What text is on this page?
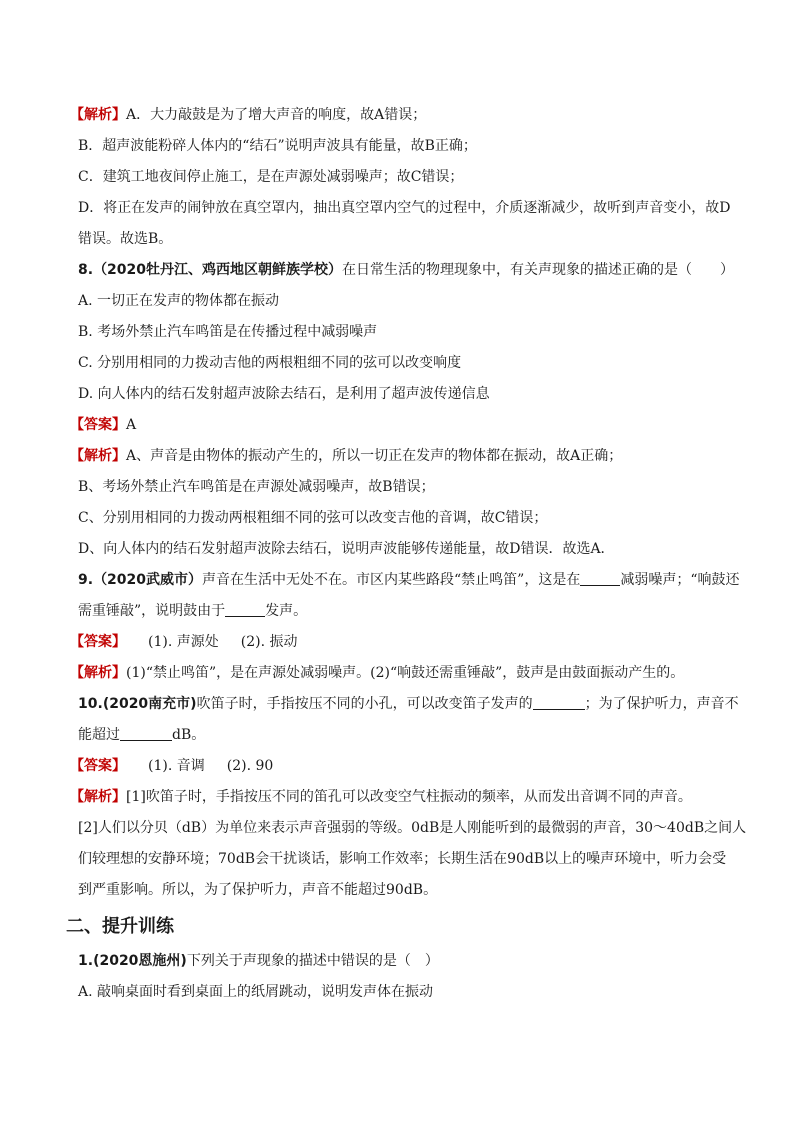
【解析】A．大力敲鼓是为了增大声音的响度，故A错误；
B．超声波能粉碎人体内的“结石”说明声波具有能量，故B正确；
C．建筑工地夜间停止施工，是在声源处减弱噪声；故C错误；
D．将正在发声的闹钟放在真空罩内，抽出真空罩内空气的过程中，介质逐渐减少，故听到声音变小，故D
错误。故选B。
8.（2020牡丹江、鸡西地区朝鲜族学校）在日常生活的物理现象中，有关声现象的描述正确的是（　　）
A. 一切正在发声的物体都在振动
B. 考场外禁止汽车鸣笛是在传播过程中减弱噪声
C. 分别用相同的力拨动吉他的两根粗细不同的弦可以改变响度
D. 向人体内的结石发射超声波除去结石，是利用了超声波传递信息
【答案】A
【解析】A、声音是由物体的振动产生的，所以一切正在发声的物体都在振动，故A正确；
B、考场外禁止汽车鸣笛是在声源处减弱噪声，故B错误；
C、分别用相同的力拨动两根粗细不同的弦可以改变吉他的音调，故C错误；
D、向人体内的结石发射超声波除去结石，说明声波能够传递能量，故D错误．故选A．
9.（2020武威市）声音在生活中无处不在。市区内某些路段“禁止鸣笛”，这是在	减弱噪声；“响鼓还
需重锤敲”，说明鼓由于	发声。
【答案】 (1). 声源处 (2). 振动
【解析】(1)“禁止鸣笛”，是在声源处减弱噪声。(2)“响鼓还需重锤敲”，鼓声是由鼓面振动产生的。
10.(2020南充市)吹笛子时，手指按压不同的小孔，可以改变笛子发声的	；为了保护听力，声音不
能超过	dB。
【答案】 (1). 音调 (2). 90
【解析】[1]吹笛子时，手指按压不同的笛孔可以改变空气柱振动的频率，从而发出音调不同的声音。
[2]人们以分贝（dB）为单位来表示声音强弱的等级。0dB是人刚能听到的最微弱的声音，30～40dB之间人
们较理想的安静环境；70dB会干扰谈话，影响工作效率；长期生活在90dB以上的噪声环境中，听力会受
到严重影响。所以，为了保护听力，声音不能超过90dB。
二、提升训练
1.(2020恩施州)下列关于声现象的描述中错误的是（　）
A. 敲响桌面时看到桌面上的纸屑跳动，说明发声体在振动
